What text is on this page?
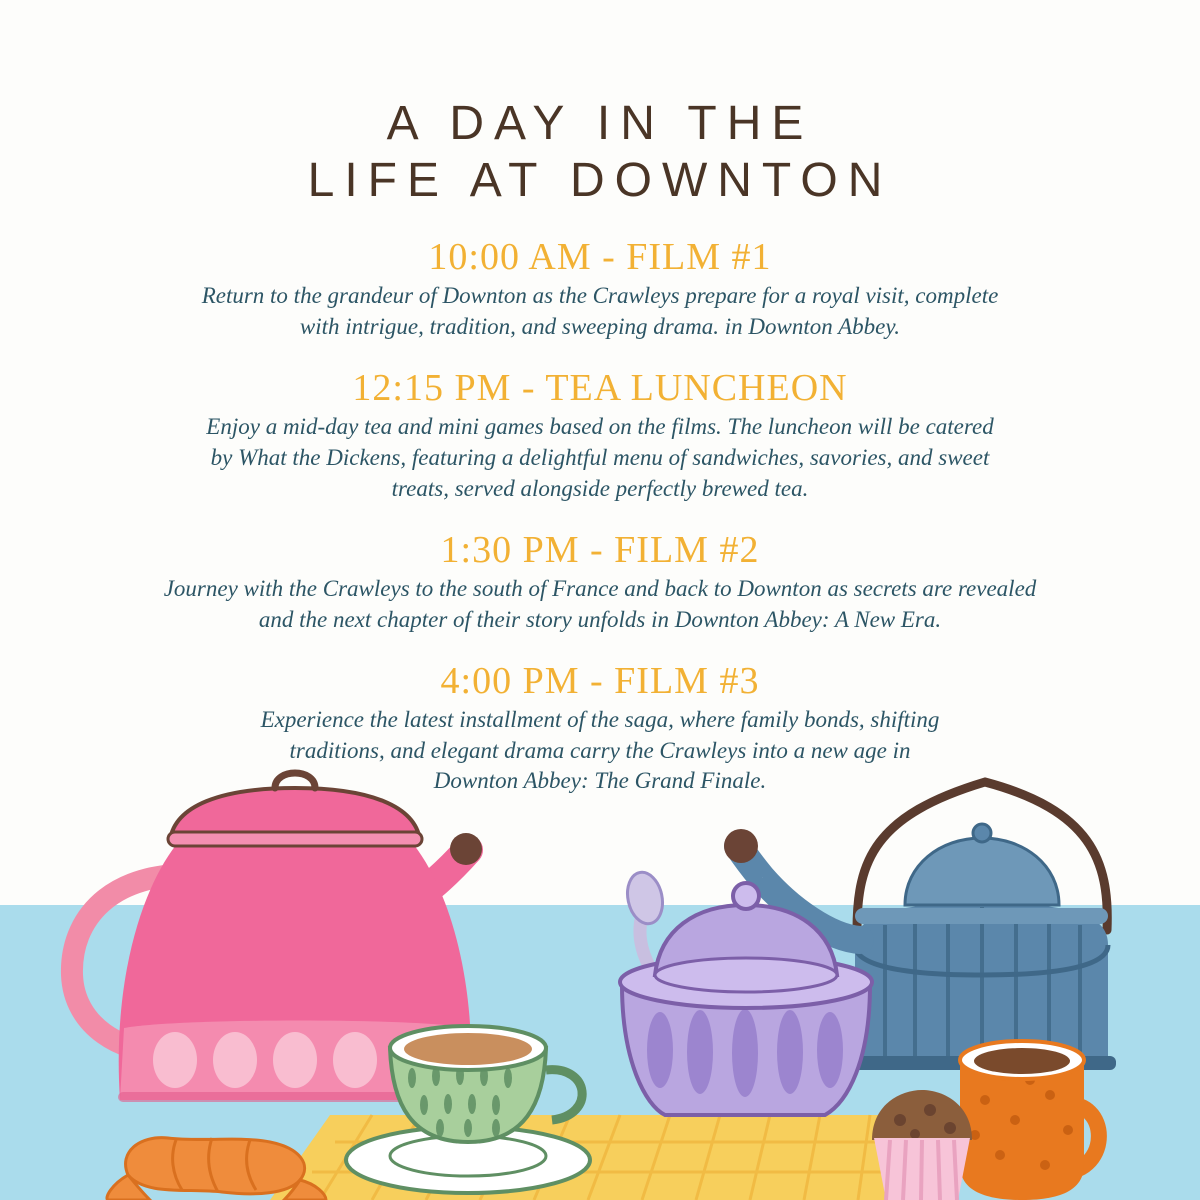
A DAY IN THE
LIFE AT DOWNTON

10:00 AM - FILM #1

Return to the grandeur of Downton as the Crawleys prepare for a royal visit, complete with intrigue, tradition, and sweeping drama. in Downton Abbey.

12:15 PM - TEA LUNCHEON

Enjoy a mid-day tea and mini games based on the films. The luncheon will be catered by What the Dickens, featuring a delightful menu of sandwiches, savories, and sweet treats, served alongside perfectly brewed tea.

1:30 PM - FILM #2

Journey with the Crawleys to the south of France and back to Downton as secrets are revealed and the next chapter of their story unfolds in Downton Abbey: A New Era.

4:00 PM - FILM #3

Experience the latest installment of the saga, where family bonds, shifting traditions, and elegant drama carry the Crawleys into a new age in Downton Abbey: The Grand Finale.
